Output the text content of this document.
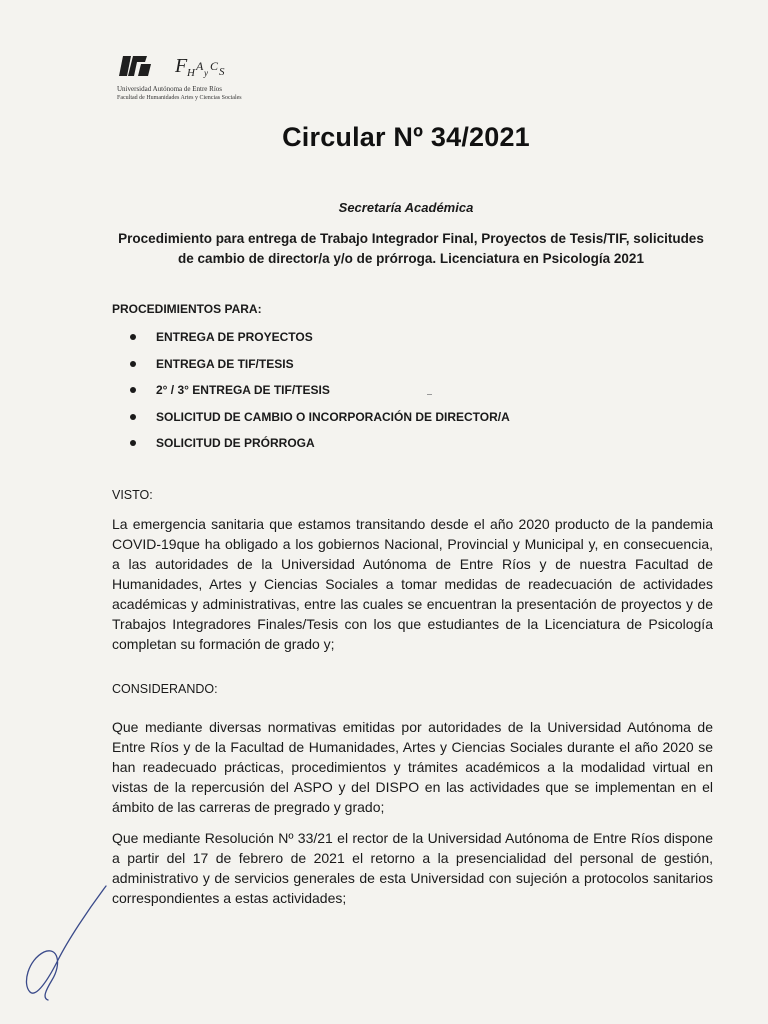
F H A y C S
Universidad Autónoma de Entre Ríos
Facultad de Humanidades Artes y Ciencias Sociales
Circular Nº 34/2021
Secretaría Académica
Procedimiento para entrega de Trabajo Integrador Final, Proyectos de Tesis/TIF, solicitudes de cambio de director/a y/o de prórroga. Licenciatura en Psicología 2021
PROCEDIMIENTOS PARA:
ENTREGA DE PROYECTOS
ENTREGA DE TIF/TESIS
2° / 3° ENTREGA DE TIF/TESIS
SOLICITUD DE CAMBIO O INCORPORACIÓN DE DIRECTOR/A
SOLICITUD DE PRÓRROGA
VISTO:

La emergencia sanitaria que estamos transitando desde el año 2020 producto de la pandemia COVID-19que ha obligado a los gobiernos Nacional, Provincial y Municipal y, en consecuencia, a las autoridades de la Universidad Autónoma de Entre Ríos y de nuestra Facultad de Humanidades, Artes y Ciencias Sociales a tomar medidas de readecuación de actividades académicas y administrativas, entre las cuales se encuentran la presentación de proyectos y de Trabajos Integradores Finales/Tesis con los que estudiantes de la Licenciatura de Psicología completan su formación de grado y;

CONSIDERANDO:

Que mediante diversas normativas emitidas por autoridades de la Universidad Autónoma de Entre Ríos y de la Facultad de Humanidades, Artes y Ciencias Sociales durante el año 2020 se han readecuado prácticas, procedimientos y trámites académicos a la modalidad virtual en vistas de la repercusión del ASPO y del DISPO en las actividades que se implementan en el ámbito de las carreras de pregrado y grado;

Que mediante Resolución Nº 33/21 el rector de la Universidad Autónoma de Entre Ríos dispone a partir del 17 de febrero de 2021 el retorno a la presencialidad del personal de gestión, administrativo y de servicios generales de esta Universidad con sujeción a protocolos sanitarios correspondientes a estas actividades;
